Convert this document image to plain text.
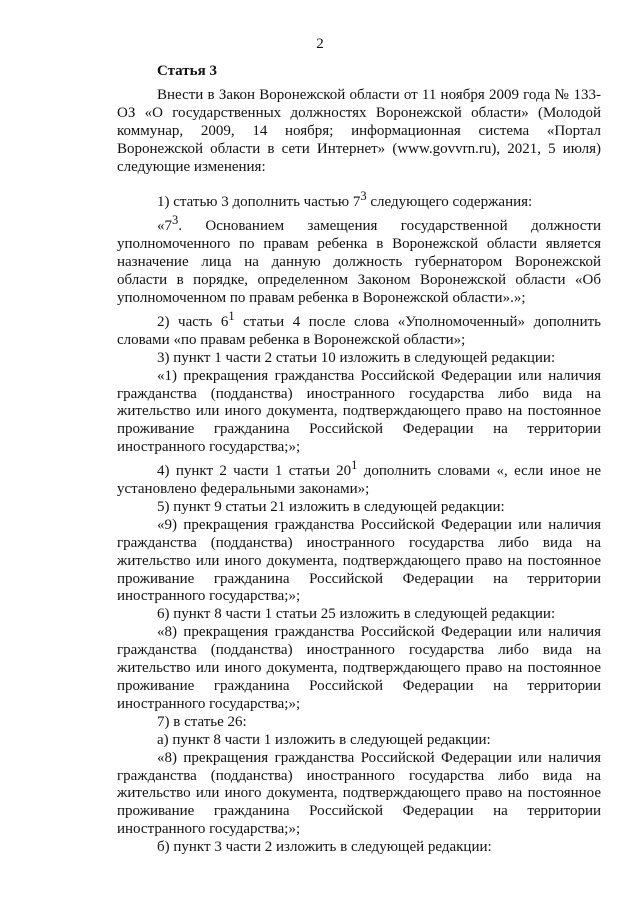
2

Статья 3

Внести в Закон Воронежской области от 11 ноября 2009 года № 133-ОЗ «О государственных должностях Воронежской области» (Молодой коммунар, 2009, 14 ноября; информационная система «Портал Воронежской области в сети Интернет» (www.govvrn.ru), 2021, 5 июля) следующие изменения:

1) статью 3 дополнить частью $7^3$ следующего содержания:

«$7^3$. Основанием замещения государственной должности уполномоченного по правам ребенка в Воронежской области является назначение лица на данную должность губернатором Воронежской области в порядке, определенном Законом Воронежской области «Об уполномоченном по правам ребенка в Воронежской области».»;

2) часть $6^1$ статьи 4 после слова «Уполномоченный» дополнить словами «по правам ребенка в Воронежской области»;

3) пункт 1 части 2 статьи 10 изложить в следующей редакции:

«1) прекращения гражданства Российской Федерации или наличия гражданства (подданства) иностранного государства либо вида на жительство или иного документа, подтверждающего право на постоянное проживание гражданина Российской Федерации на территории иностранного государства;»;

4) пункт 2 части 1 статьи $20^1$ дополнить словами «, если иное не установлено федеральными законами»;

5) пункт 9 статьи 21 изложить в следующей редакции:

«9) прекращения гражданства Российской Федерации или наличия гражданства (подданства) иностранного государства либо вида на жительство или иного документа, подтверждающего право на постоянное проживание гражданина Российской Федерации на территории иностранного государства;»;

6) пункт 8 части 1 статьи 25 изложить в следующей редакции:

«8) прекращения гражданства Российской Федерации или наличия гражданства (подданства) иностранного государства либо вида на жительство или иного документа, подтверждающего право на постоянное проживание гражданина Российской Федерации на территории иностранного государства;»;

7) в статье 26:

а) пункт 8 части 1 изложить в следующей редакции:

«8) прекращения гражданства Российской Федерации или наличия гражданства (подданства) иностранного государства либо вида на жительство или иного документа, подтверждающего право на постоянное проживание гражданина Российской Федерации на территории иностранного государства;»;

б) пункт 3 части 2 изложить в следующей редакции:
